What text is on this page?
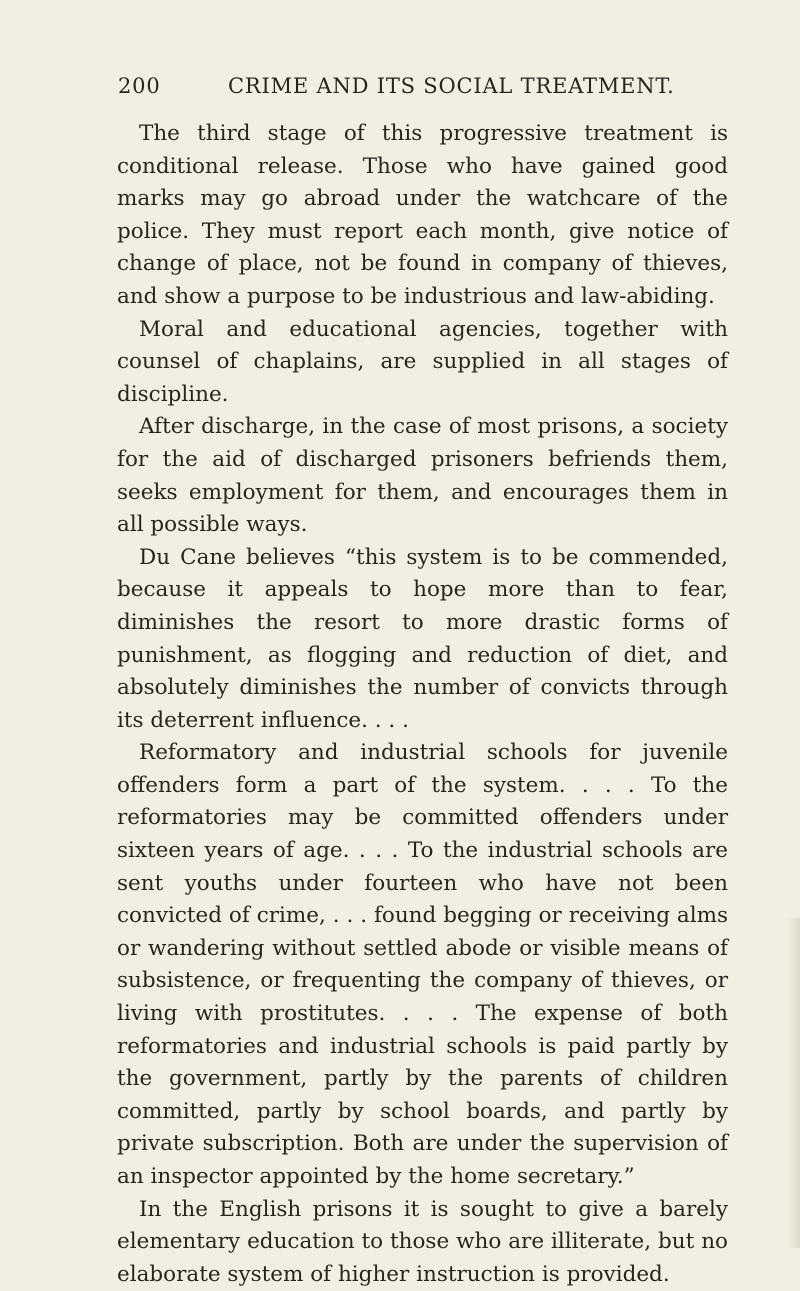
200	CRIME AND ITS SOCIAL TREATMENT.

The third stage of this progressive treatment is conditional release. Those who have gained good marks may go abroad under the watchcare of the police. They must report each month, give notice of change of place, not be found in company of thieves, and show a purpose to be industrious and law-abiding.

Moral and educational agencies, together with counsel of chaplains, are supplied in all stages of discipline.

After discharge, in the case of most prisons, a society for the aid of discharged prisoners befriends them, seeks employment for them, and encourages them in all possible ways.

Du Cane believes “this system is to be commended, because it appeals to hope more than to fear, diminishes the resort to more drastic forms of punishment, as flogging and reduction of diet, and absolutely diminishes the number of convicts through its deterrent influence. . . .

Reformatory and industrial schools for juvenile offenders form a part of the system. . . . To the reformatories may be committed offenders under sixteen years of age. . . . To the industrial schools are sent youths under fourteen who have not been convicted of crime, . . . found begging or receiving alms or wandering without settled abode or visible means of subsistence, or frequenting the company of thieves, or living with prostitutes. . . . The expense of both reformatories and industrial schools is paid partly by the government, partly by the parents of children committed, partly by school boards, and partly by private subscription. Both are under the supervision of an inspector appointed by the home secretary.”

In the English prisons it is sought to give a barely elementary education to those who are illiterate, but no elaborate system of higher instruction is provided.
